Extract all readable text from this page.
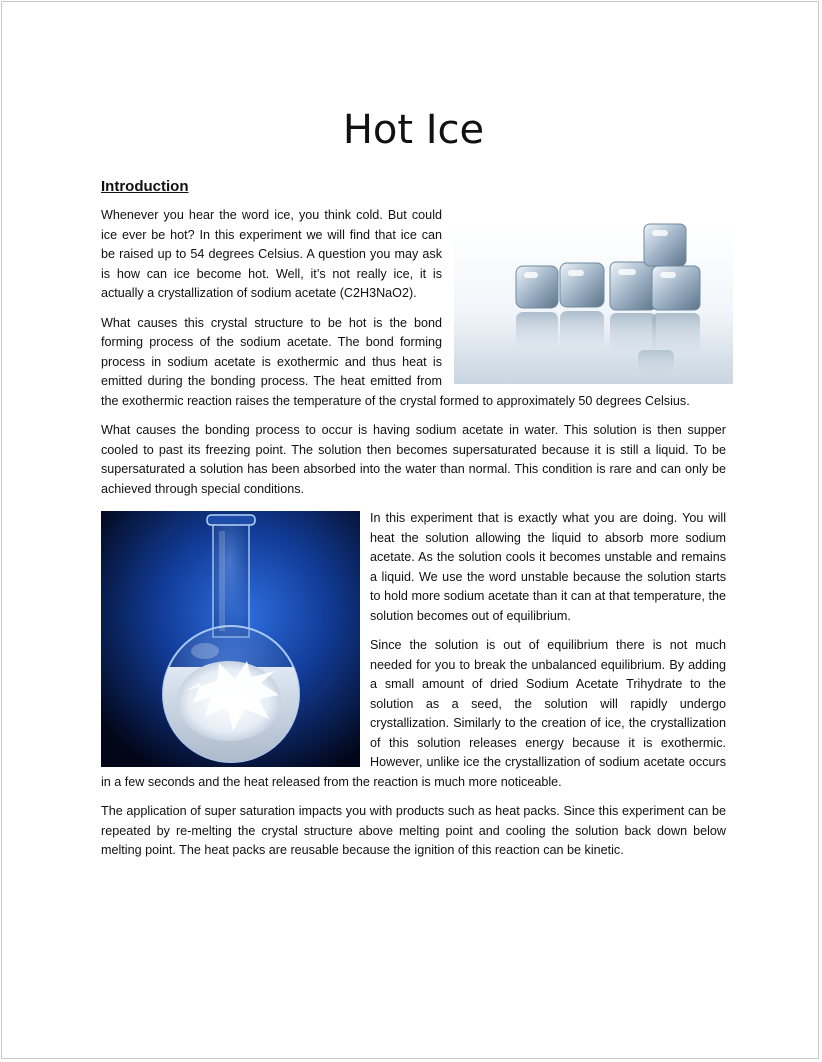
Hot Ice
Introduction

Whenever you hear the word ice, you think cold. But could ice ever be hot? In this experiment we will find that ice can be raised up to 54 degrees Celsius. A question you may ask is how can ice become hot. Well, it’s not really ice, it is actually a crystallization of sodium acetate (C2H3NaO2).

What causes this crystal structure to be hot is the bond forming process of the sodium acetate. The bond forming process in sodium acetate is exothermic and thus heat is emitted during the bonding process. The heat emitted from the exothermic reaction raises the temperature of the crystal formed to approximately 50 degrees Celsius.

What causes the bonding process to occur is having sodium acetate in water. This solution is then supper cooled to past its freezing point. The solution then becomes supersaturated because it is still a liquid. To be supersaturated a solution has been absorbed into the water than normal. This condition is rare and can only be achieved through special conditions.

In this experiment that is exactly what you are doing. You will heat the solution allowing the liquid to absorb more sodium acetate. As the solution cools it becomes unstable and remains a liquid. We use the word unstable because the solution starts to hold more sodium acetate than it can at that temperature, the solution becomes out of equilibrium.

Since the solution is out of equilibrium there is not much needed for you to break the unbalanced equilibrium. By adding a small amount of dried Sodium Acetate Trihydrate to the solution as a seed, the solution will rapidly undergo crystallization. Similarly to the creation of ice, the crystallization of this solution releases energy because it is exothermic. However, unlike ice the crystallization of sodium acetate occurs in a few seconds and the heat released from the reaction is much more noticeable.

The application of super saturation impacts you with products such as heat packs. Since this experiment can be repeated by re-melting the crystal structure above melting point and cooling the solution back down below melting point. The heat packs are reusable because the ignition of this reaction can be kinetic.
